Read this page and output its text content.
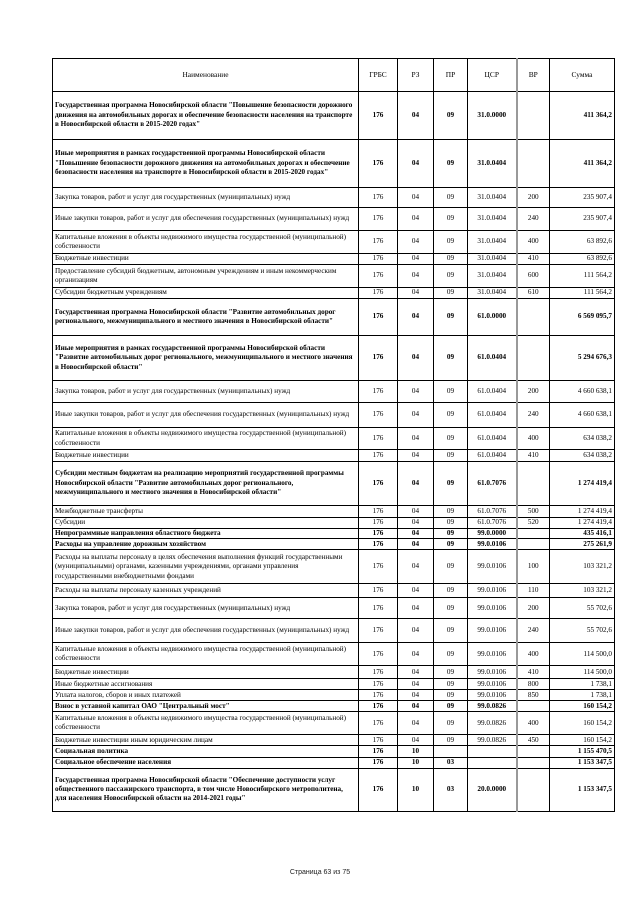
Наименование	ГРБС	РЗ	ПР	ЦСР	ВР	Сумма
Государственная программа Новосибирской области "Повышение безопасности дорожного движения на автомобильных дорогах и обеспечение безопасности населения на транспорте в Новосибирской области в 2015-2020 годах"	176	04	09	31.0.0000		411 364,2
Иные мероприятия в рамках государственной программы Новосибирской области "Повышение безопасности дорожного движения на автомобильных дорогах и обеспечение безопасности населения на транспорте в Новосибирской области в 2015-2020 годах"	176	04	09	31.0.0404		411 364,2
Закупка товаров, работ и услуг для государственных (муниципальных) нужд	176	04	09	31.0.0404	200	235 907,4
Иные закупки товаров, работ и услуг для обеспечения государственных (муниципальных) нужд	176	04	09	31.0.0404	240	235 907,4
Капитальные вложения в объекты недвижимого имущества государственной (муниципальной) собственности	176	04	09	31.0.0404	400	63 892,6
Бюджетные инвестиции	176	04	09	31.0.0404	410	63 892,6
Предоставление субсидий бюджетным, автономным учреждениям и иным некоммерческим организациям	176	04	09	31.0.0404	600	111 564,2
Субсидии бюджетным учреждениям	176	04	09	31.0.0404	610	111 564,2
Государственная программа Новосибирской области "Развитие автомобильных дорог регионального, межмуниципального и местного значения в Новосибирской области"	176	04	09	61.0.0000		6 569 095,7
Иные мероприятия в рамках государственной программы Новосибирской области "Развитие автомобильных дорог регионального, межмуниципального и местного значения в Новосибирской области"	176	04	09	61.0.0404		5 294 676,3
Закупка товаров, работ и услуг для государственных (муниципальных) нужд	176	04	09	61.0.0404	200	4 660 638,1
Иные закупки товаров, работ и услуг для обеспечения государственных (муниципальных) нужд	176	04	09	61.0.0404	240	4 660 638,1
Капитальные вложения в объекты недвижимого имущества государственной (муниципальной) собственности	176	04	09	61.0.0404	400	634 038,2
Бюджетные инвестиции	176	04	09	61.0.0404	410	634 038,2
Субсидии местным бюджетам на реализацию мероприятий государственной программы Новосибирской области "Развитие автомобильных дорог регионального, межмуниципального и местного значения в Новосибирской области"	176	04	09	61.0.7076		1 274 419,4
Межбюджетные трансферты	176	04	09	61.0.7076	500	1 274 419,4
Субсидии	176	04	09	61.0.7076	520	1 274 419,4
Непрограммные направления областного бюджета	176	04	09	99.0.0000		435 416,1
Расходы на управление дорожным хозяйством	176	04	09	99.0.0106		275 261,9
Расходы на выплаты персоналу в целях обеспечения выполнения функций государственными (муниципальными) органами, казенными учреждениями, органами управления государственными внебюджетными фондами	176	04	09	99.0.0106	100	103 321,2
Расходы на выплаты персоналу казенных учреждений	176	04	09	99.0.0106	110	103 321,2
Закупка товаров, работ и услуг для государственных (муниципальных) нужд	176	04	09	99.0.0106	200	55 702,6
Иные закупки товаров, работ и услуг для обеспечения государственных (муниципальных) нужд	176	04	09	99.0.0106	240	55 702,6
Капитальные вложения в объекты недвижимого имущества государственной (муниципальной) собственности	176	04	09	99.0.0106	400	114 500,0
Бюджетные инвестиции	176	04	09	99.0.0106	410	114 500,0
Иные бюджетные ассигнования	176	04	09	99.0.0106	800	1 738,1
Уплата налогов, сборов и иных платежей	176	04	09	99.0.0106	850	1 738,1
Взнос в уставной капитал ОАО "Центральный мост"	176	04	09	99.0.0826		160 154,2
Капитальные вложения в объекты недвижимого имущества государственной (муниципальной) собственности	176	04	09	99.0.0826	400	160 154,2
Бюджетные инвестиции иным юридическим лицам	176	04	09	99.0.0826	450	160 154,2
Социальная политика	176	10				1 155 470,5
Социальное обеспечение населения	176	10	03			1 153 347,5
Государственная программа Новосибирской области "Обеспечение доступности услуг общественного пассажирского транспорта, в том числе Новосибирского метрополитена, для населения Новосибирской области на 2014-2021 годы"	176	10	03	20.0.0000		1 153 347,5
Страница 63 из 75
